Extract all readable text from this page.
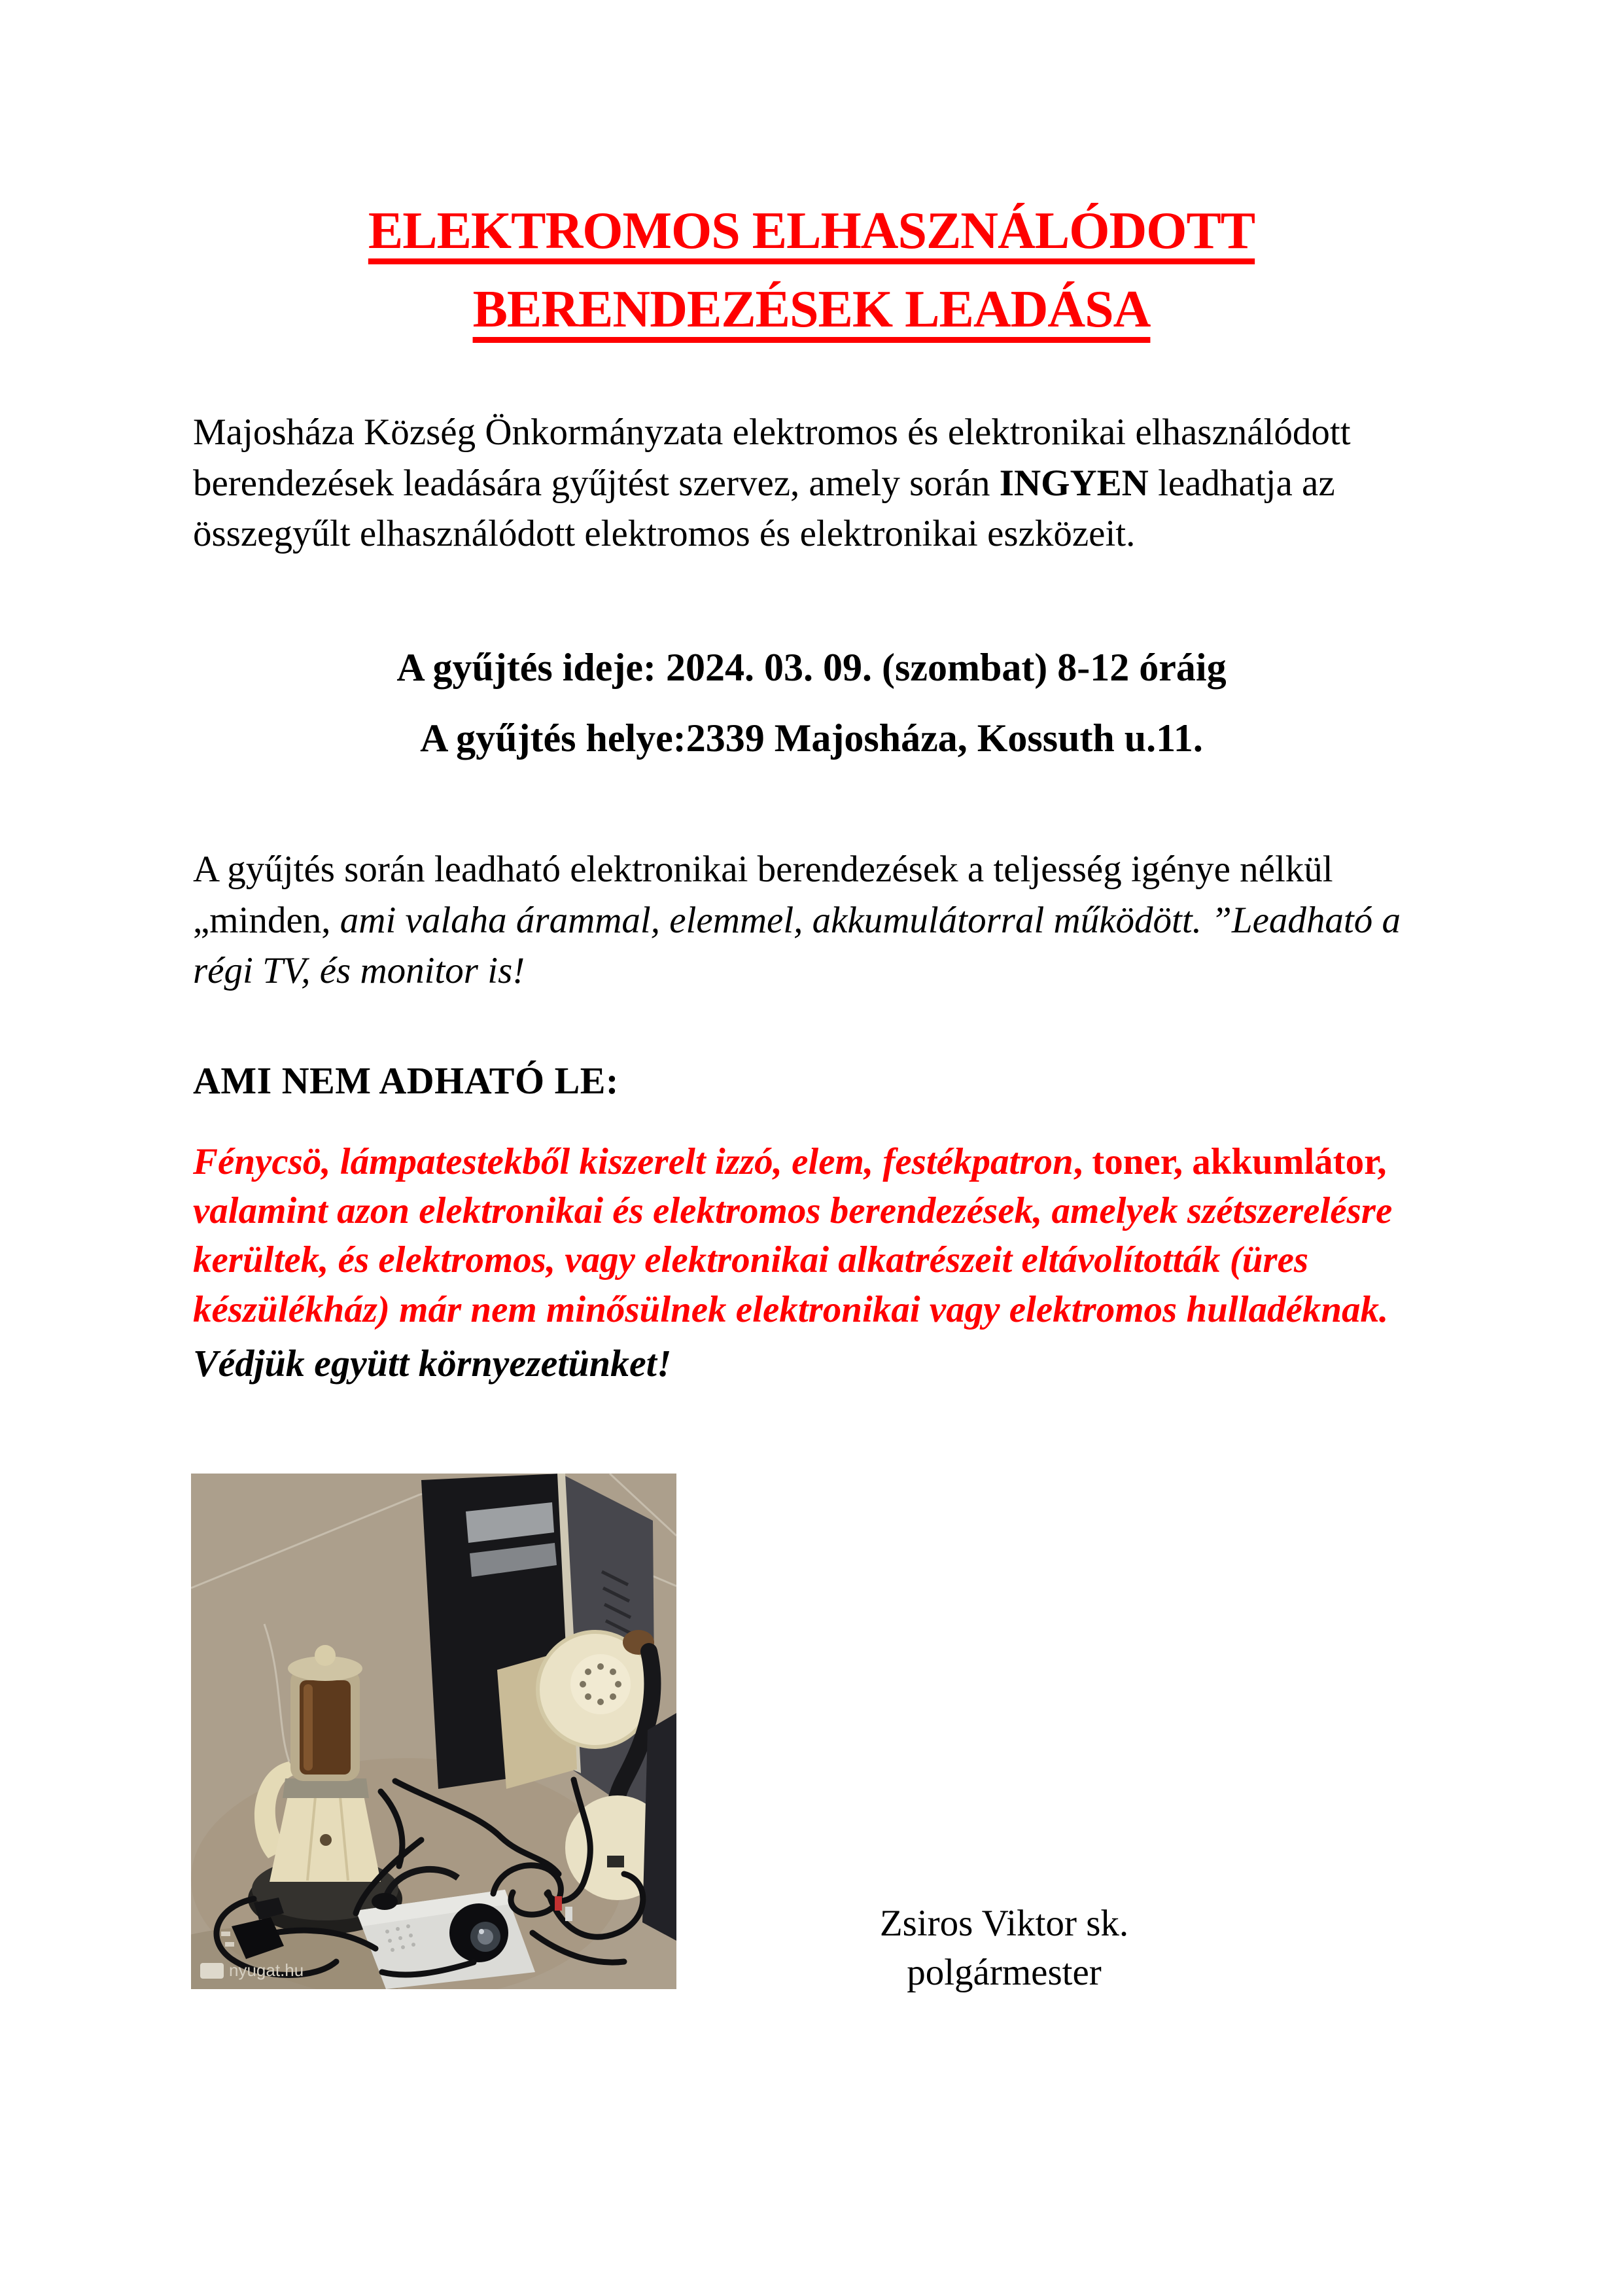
ELEKTROMOS ELHASZNÁLÓDOTT
BERENDEZÉSEK LEADÁSA

Majosháza Község Önkormányzata elektromos és elektronikai elhasználódott berendezések leadására gyűjtést szervez, amely során INGYEN leadhatja az összegyűlt elhasználódott elektromos és elektronikai eszközeit.

A gyűjtés ideje: 2024. 03. 09. (szombat) 8-12 óráig

A gyűjtés helye:2339 Majosháza, Kossuth u.11.

A gyűjtés során leadható elektronikai berendezések a teljesség igénye nélkül „minden, ami valaha árammal, elemmel, akkumulátorral működött. ”Leadható a régi TV, és monitor is!

AMI NEM ADHATÓ LE:

Fénycsö, lámpatestekből kiszerelt izzó, elem, festékpatron, toner, akkumlátor, valamint azon elektronikai és elektromos berendezések, amelyek szétszerelésre kerültek, és elektromos, vagy elektronikai alkatrészeit eltávolították (üres készülékház) már nem minősülnek elektronikai vagy elektromos hulladéknak.

Védjük együtt környezetünket!

nyugat.hu
Zsiros Viktor sk.
polgármester
